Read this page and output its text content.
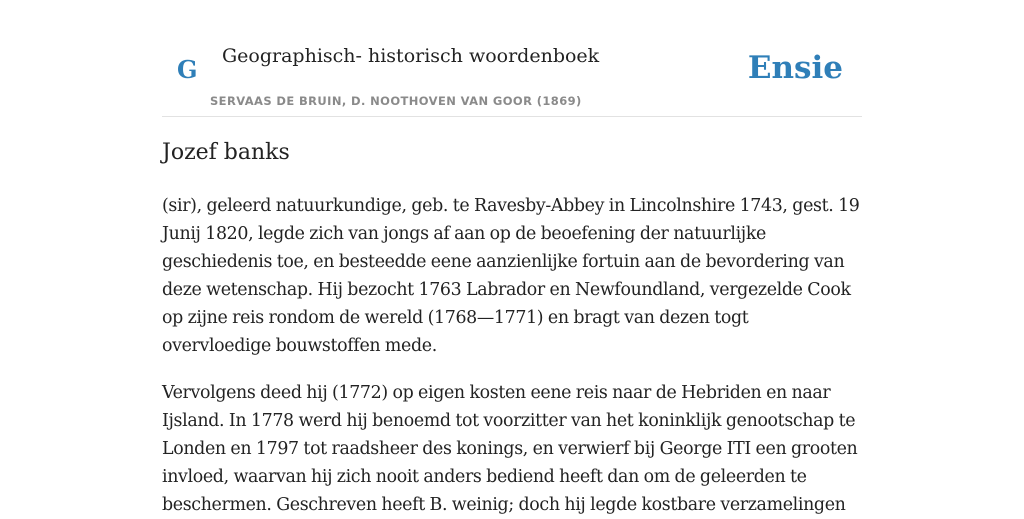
G Geographisch- historisch woordenboek
SERVAAS DE BRUIN, D. NOOTHOVEN VAN GOOR (1869)
Ensie
Jozef banks

(sir), geleerd natuurkundige, geb. te Ravesby-Abbey in Lincolnshire 1743, gest. 19 Junij 1820, legde zich van jongs af aan op de beoefening der natuurlijke geschiedenis toe, en besteedde eene aanzienlijke fortuin aan de bevordering van deze wetenschap. Hij bezocht 1763 Labrador en Newfoundland, vergezelde Cook op zijne reis rondom de wereld (1768—1771) en bragt van dezen togt overvloedige bouwstoffen mede.

Vervolgens deed hij (1772) op eigen kosten eene reis naar de Hebriden en naar Ijsland. In 1778 werd hij benoemd tot voorzitter van het koninklijk genootschap te Londen en 1797 tot raadsheer des konings, en verwierf bij George ITI een grooten invloed, waarvan hij zich nooit anders bediend heeft dan om de geleerden te beschermen. Geschreven heeft B. weinig; doch hij legde kostbare verzamelingen
